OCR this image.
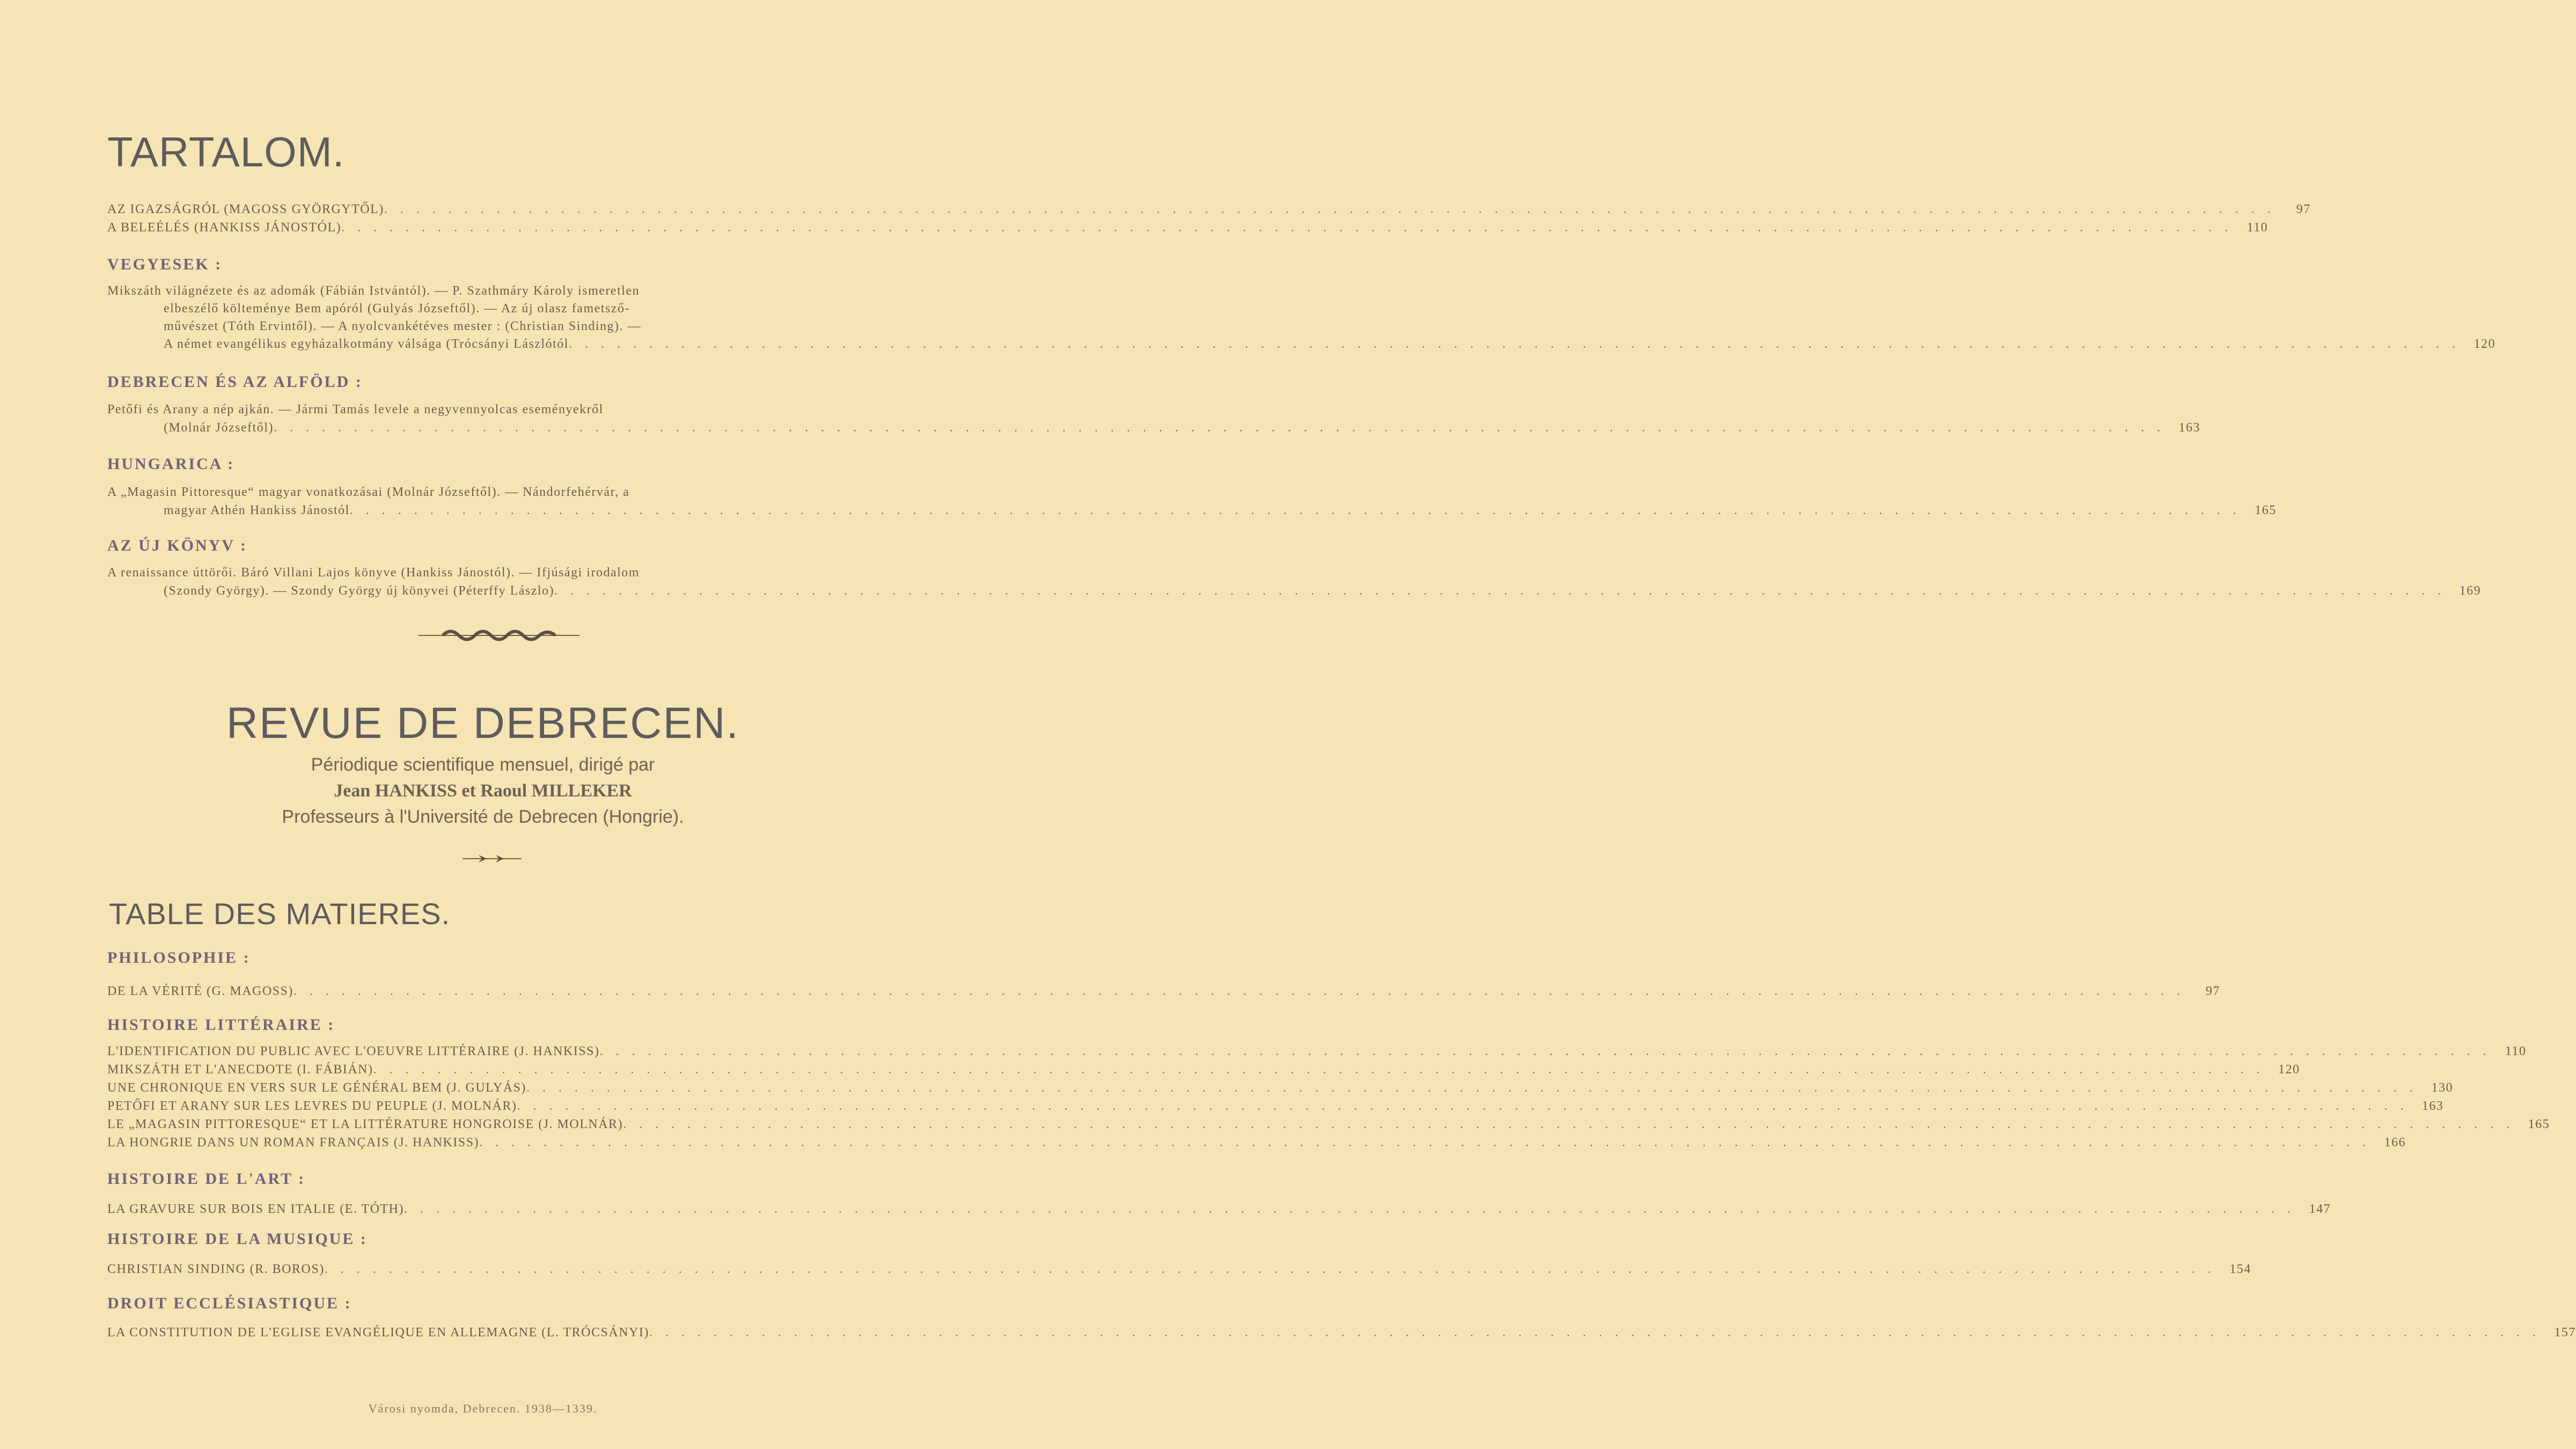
TARTALOM.
AZ IGAZSÁGRÓL (MAGOSS GYÖRGYTŐL) . . .	97
A BELEÉLÉS (HANKISS JÁNOSTÓL) . . .	110
VEGYESEK :
Mikszáth világnézete és az adomák (Fábián Istvántól). — P. Szathmáry Károly ismeretlen
elbeszélő költeménye Bem apóról (Gulyás Józseftől). — Az új olasz fametsző-
művészet (Tóth Ervintől). — A nyolcvankétéves mester : (Christian Sinding). —
A német evangélikus egyházalkotmány válsága (Trócsányi Lászlótól . . .	120
DEBRECEN ÉS AZ ALFÖLD :
Petőfi és Arany a nép ajkán. — Jármi Tamás levele a negyvennyolcas eseményekről
(Molnár Józseftől) . . .	163
HUNGARICA :
A „Magasin Pittoresque“ magyar vonatkozásai (Molnár Józseftől). — Nándorfehérvár, a
magyar Athén Hankiss Jánostól . . .	165
AZ ÚJ KÖNYV :
A renaissance úttörői. Báró Villani Lajos könyve (Hankiss Jánostól). — Ifjúsági irodalom
(Szondy György). — Szondy György új könyvei (Péterffy Lászlo) . . .	169
REVUE DE DEBRECEN.
Périodique scientifique mensuel, dirigé par
Jean HANKISS et Raoul MILLEKER
Professeurs à l'Université de Debrecen (Hongrie).
TABLE DES MATIERES.
PHILOSOPHIE :
DE LA VÉRITÉ (G. MAGOSS) . . .	97
HISTOIRE LITTÉRAIRE :
L'IDENTIFICATION DU PUBLIC AVEC L'OEUVRE LITTÉRAIRE (J. HANKISS) . . .	110
MIKSZÁTH ET L'ANECDOTE (I. FÁBIÁN) . . .	120
UNE CHRONIQUE EN VERS SUR LE GÉNÉRAL BEM (J. GULYÁS) . . .	130
PETŐFI ET ARANY SUR LES LEVRES DU PEUPLE (J. MOLNÁR) . . .	163
LE „MAGASIN PITTORESQUE“ ET LA LITTÉRATURE HONGROISE (J. MOLNÁR) . . .	165
LA HONGRIE DANS UN ROMAN FRANÇAIS (J. HANKISS) . . .	166
HISTOIRE DE L'ART :
LA GRAVURE SUR BOIS EN ITALIE (E. TÓTH) . . .	147
HISTOIRE DE LA MUSIQUE :
CHRISTIAN SINDING (R. BOROS) . . .	154
DROIT ECCLÉSIASTIQUE :
LA CONSTITUTION DE L'EGLISE EVANGÉLIQUE EN ALLEMAGNE (L. TRÓCSÁNYI) . . .	157
Városi nyomda, Debrecen. 1938—1339.
